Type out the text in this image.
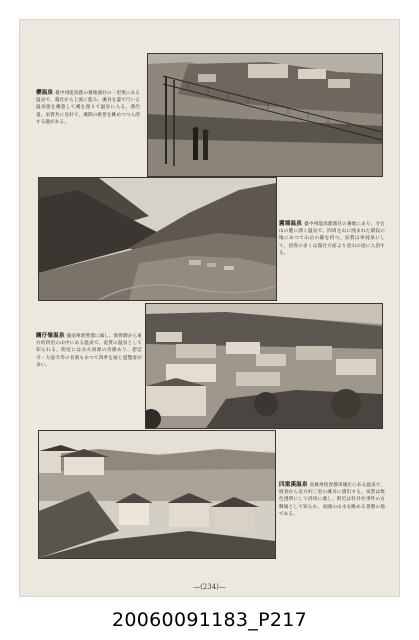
櫻温泉 臺中州能高郡の蕃地霧社の一里奥にある温泉で、霧社から上流に進み、溪谷を盡で尺いる温泉旅を溪旅して溪を渡りて温泉に入る。湧出量、泉質共に良好で、溪間の絶景を眺めつつ入浴する趣がある。
霧端温泉 臺中州能高郡霧社の蕃地にあり、寺台山の麓に湧く温泉で、四周を山に囲まれた閑寂の地にあつて山岳の趣を持つ。泉質は単純泉にして、浴客の多くは霧社方面より登山の途に入浴する。
關仔嶺温泉 臺南州新營郡に属し、新營驛から東方約四里の山中にある温泉で、泥質の温泉として知られる。附近には水火同源の奇勝あり、碧雲寺・大仙寺等の名刹もあつて四季を通じ遊覽客が多い。
四重溪温泉 高雄州恆春郡車城庄にある温泉で、恆春から北方約三里の溪谷に湧出する。泉質は無色透明にして浴用に適し、附近は牡丹社事件の古戰場として知られ、南國の山水を眺める景勝の地である。
—(234)—
20060091183_P217
